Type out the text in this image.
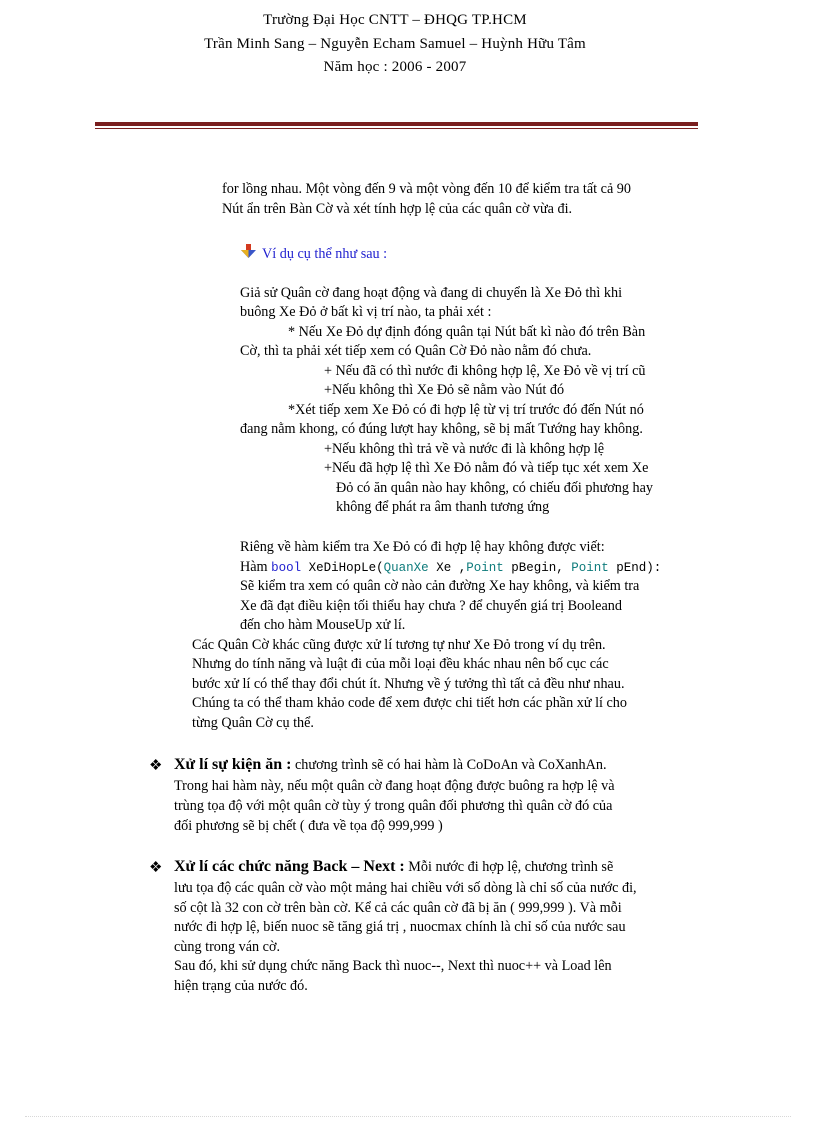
Trường Đại Học CNTT – ĐHQG TP.HCM
Trần Minh Sang – Nguyễn Echam Samuel – Huỳnh Hữu Tâm
Năm học : 2006 - 2007
for lồng nhau. Một vòng đến 9 và một vòng đến 10 để kiểm tra tất cả 90
Nút ẩn trên Bàn Cờ và xét tính hợp lệ của các quân cờ vừa đi.
Ví dụ cụ thể như sau :
Giả sử Quân cờ đang hoạt động và đang di chuyển là Xe Đỏ thì khi
buông Xe Đỏ ở bất kì vị trí nào, ta phải xét :
* Nếu Xe Đỏ dự định đóng quân tại Nút bất kì nào đó trên Bàn
Cờ, thì ta phải xét tiếp xem có Quân Cờ Đỏ nào nằm đó chưa.
+ Nếu đã có thì nước đi không hợp lệ, Xe Đỏ về vị trí cũ
+Nếu không thì Xe Đỏ sẽ nằm vào Nút đó
*Xét tiếp xem Xe Đỏ có đi hợp lệ từ vị trí trước đó đến Nút nó
đang nằm khong, có đúng lượt hay không, sẽ bị mất Tướng hay không.
+Nếu không thì trả về và nước đi là không hợp lệ
+Nếu đã hợp lệ thì Xe Đỏ nằm đó và tiếp tục xét xem Xe
Đỏ có ăn quân nào hay không, có chiếu đối phương hay
không để phát ra âm thanh tương ứng
Riêng về hàm kiểm tra Xe Đỏ có đi hợp lệ hay không được viết:
Hàm bool XeDiHopLe(QuanXe Xe ,Point pBegin, Point pEnd):
Sẽ kiểm tra xem có quân cờ nào cản đường Xe hay không, và kiểm tra
Xe đã đạt điều kiện tối thiểu hay chưa ? để chuyển giá trị Booleand
đến cho hàm MouseUp xử lí.
Các Quân Cờ khác cũng được xử lí tương tự như Xe Đỏ trong ví dụ trên.
Nhưng do tính năng và luật đi của mỗi loại đều khác nhau nên bố cục các
bước xử lí có thể thay đổi chút ít. Nhưng về ý tưởng thì tất cả đều như nhau.
Chúng ta có thể tham khảo code để xem được chi tiết hơn các phần xử lí cho
từng Quân Cờ cụ thể.
❖ Xử lí sự kiện ăn : chương trình sẽ có hai hàm là CoDoAn và CoXanhAn.
Trong hai hàm này, nếu một quân cờ đang hoạt động được buông ra hợp lệ và
trùng tọa độ với một quân cờ tùy ý trong quân đối phương thì quân cờ đó của
đối phương sẽ bị chết ( đưa về tọa độ 999,999 )
❖ Xử lí các chức năng Back – Next : Mỗi nước đi hợp lệ, chương trình sẽ
lưu tọa độ các quân cờ vào một mảng hai chiều với số dòng là chỉ số của nước đi,
số cột là 32 con cờ trên bàn cờ. Kể cả các quân cờ đã bị ăn ( 999,999 ). Và mỗi
nước đi hợp lệ, biến nuoc sẽ tăng giá trị , nuocmax chính là chỉ số của nước sau
cùng trong ván cờ.
Sau đó, khi sử dụng chức năng Back thì nuoc--, Next thì nuoc++ và Load lên
hiện trạng của nước đó.
